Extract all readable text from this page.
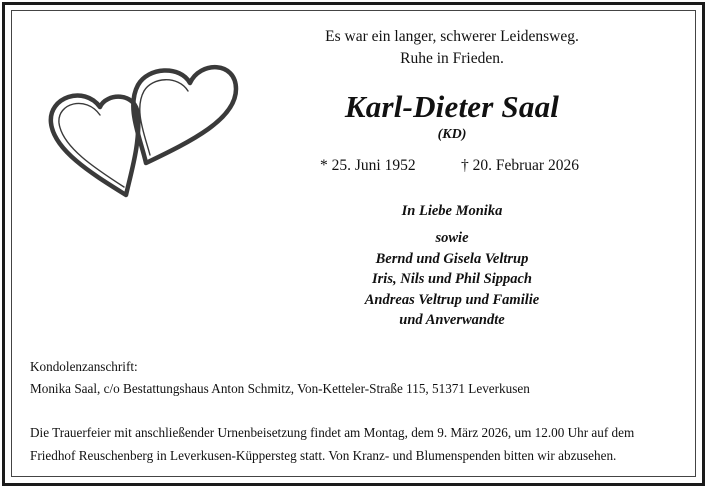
Es war ein langer, schwerer Leidensweg.
Ruhe in Frieden.
Karl-Dieter Saal
(KD)
* 25. Juni 1952	† 20. Februar 2026
In Liebe Monika
sowie
Bernd und Gisela Veltrup
Iris, Nils und Phil Sippach
Andreas Veltrup und Familie
und Anverwandte
Kondolenzanschrift:
Monika Saal, c/o Bestattungshaus Anton Schmitz, Von-Ketteler-Straße 115, 51371 Leverkusen
Die Trauerfeier mit anschließender Urnenbeisetzung findet am Montag, dem 9. März 2026, um 12.00 Uhr auf dem
Friedhof Reuschenberg in Leverkusen-Küppersteg statt. Von Kranz- und Blumenspenden bitten wir abzusehen.
